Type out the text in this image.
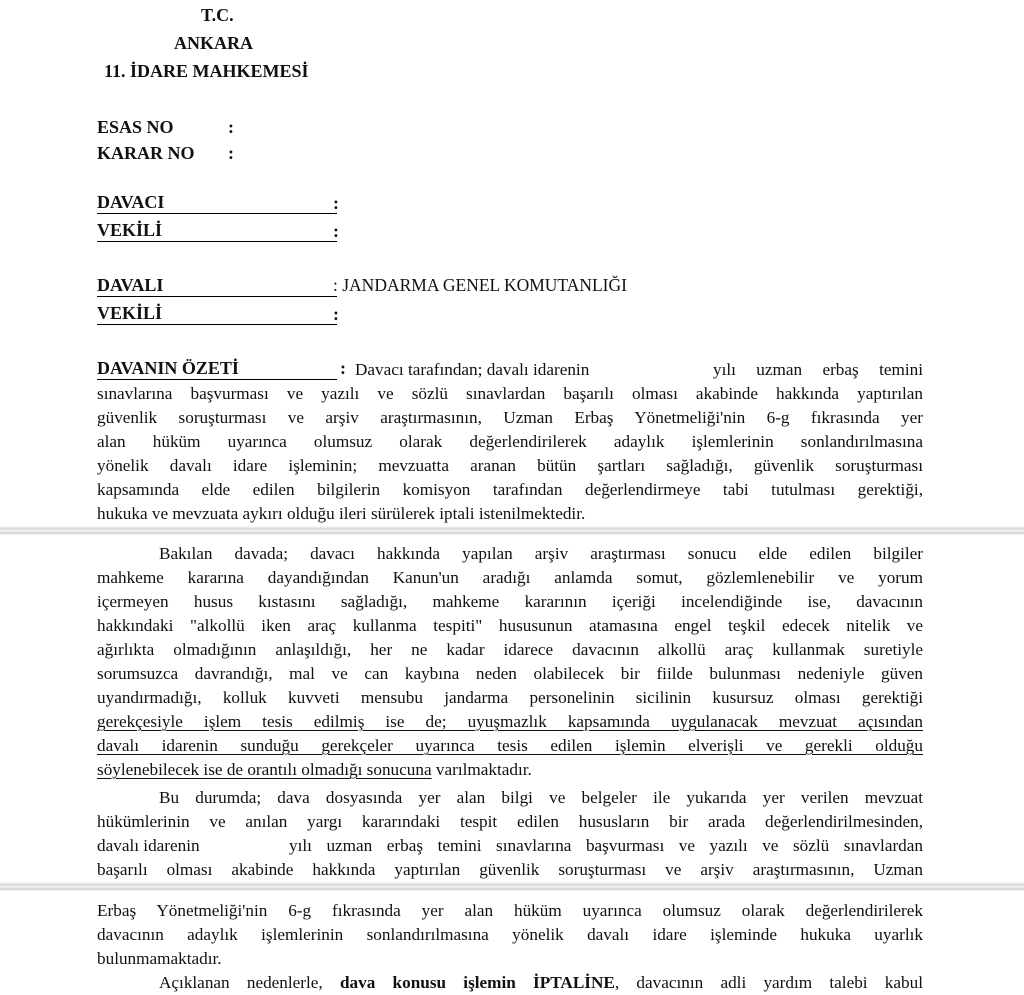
T.C.
ANKARA
11. İDARE MAHKEMESİ
ESAS NO	:
KARAR NO :
DAVACI	:
VEKİLİ	:
DAVALI	: JANDARMA GENEL KOMUTANLIĞI
VEKİLİ	:
DAVANIN ÖZETİ	: Davacı tarafından; davalı idarenin	yılı uzman erbaş temini
sınavlarına başvurması ve yazılı ve sözlü sınavlardan başarılı olması akabinde hakkında yaptırılan
güvenlik soruşturması ve arşiv araştırmasının, Uzman Erbaş Yönetmeliği'nin 6-g fıkrasında yer
alan hüküm uyarınca olumsuz olarak değerlendirilerek adaylık işlemlerinin sonlandırılmasına
yönelik davalı idare işleminin; mevzuatta aranan bütün şartları sağladığı, güvenlik soruşturması
kapsamında elde edilen bilgilerin komisyon tarafından değerlendirmeye tabi tutulması gerektiği,
hukuka ve mevzuata aykırı olduğu ileri sürülerek iptali istenilmektedir.
Bakılan davada; davacı hakkında yapılan arşiv araştırması sonucu elde edilen bilgiler
mahkeme kararına dayandığından Kanun'un aradığı anlamda somut, gözlemlenebilir ve yorum
içermeyen husus kıstasını sağladığı, mahkeme kararının içeriği incelendiğinde ise, davacının
hakkındaki "alkollü iken araç kullanma tespiti" hususunun atamasına engel teşkil edecek nitelik ve
ağırlıkta olmadığının anlaşıldığı, her ne kadar idarece davacının alkollü araç kullanmak suretiyle
sorumsuzca davrandığı, mal ve can kaybına neden olabilecek bir fiilde bulunması nedeniyle güven
uyandırmadığı, kolluk kuvveti mensubu jandarma personelinin sicilinin kusursuz olması gerektiği
gerekçesiyle işlem tesis edilmiş ise de; uyuşmazlık kapsamında uygulanacak mevzuat açısından
davalı idarenin sunduğu gerekçeler uyarınca tesis edilen işlemin elverişli ve gerekli olduğu
söylenebilecek ise de orantılı olmadığı sonucuna varılmaktadır.
Bu durumda; dava dosyasında yer alan bilgi ve belgeler ile yukarıda yer verilen mevzuat
hükümlerinin ve anılan yargı kararındaki tespit edilen hususların bir arada değerlendirilmesinden,
davalı idarenin	yılı uzman erbaş temini sınavlarına başvurması ve yazılı ve sözlü sınavlardan
başarılı olması akabinde hakkında yaptırılan güvenlik soruşturması ve arşiv araştırmasının, Uzman
Erbaş Yönetmeliği'nin 6-g fıkrasında yer alan hüküm uyarınca olumsuz olarak değerlendirilerek
davacının adaylık işlemlerinin sonlandırılmasına yönelik davalı idare işleminde hukuka uyarlık
bulunmamaktadır.
Açıklanan nedenlerle, dava konusu işlemin İPTALİNE, davacının adli yardım talebi kabul
